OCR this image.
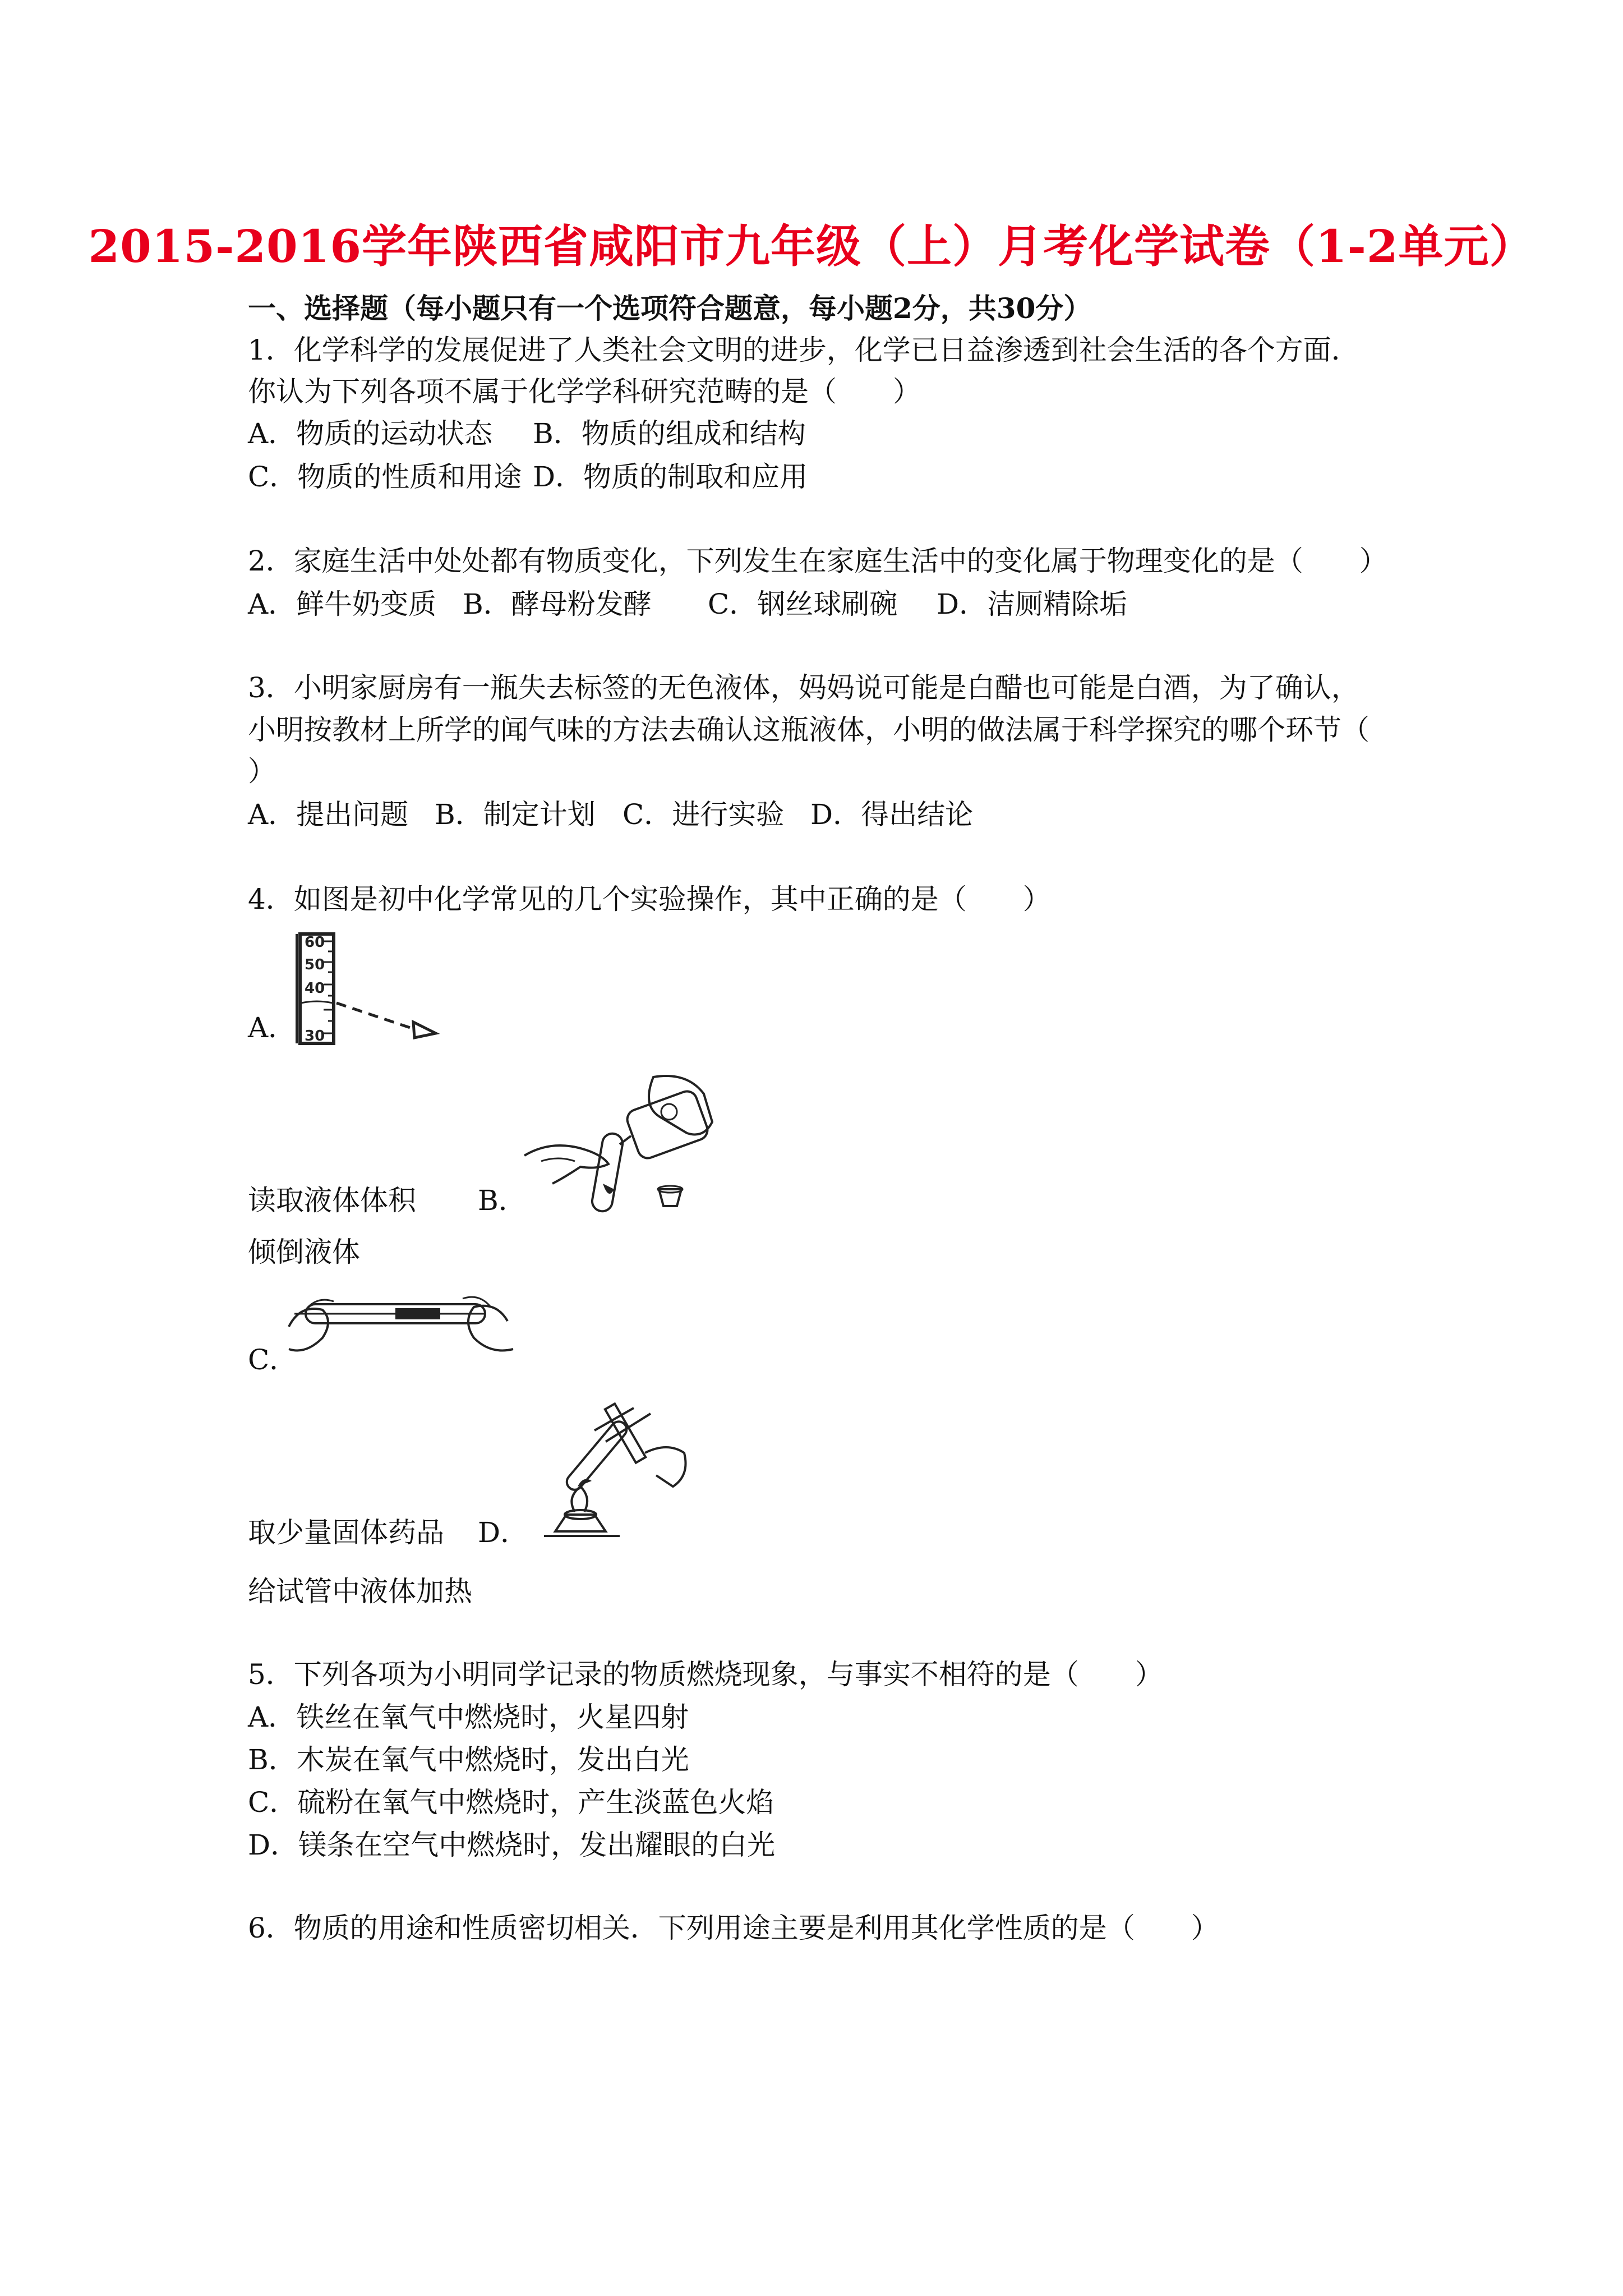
2015-2016学年陕西省咸阳市九年级（上）月考化学试卷（1-2单元）
一、选择题（每小题只有一个选项符合题意，每小题2分，共30分）
1．化学科学的发展促进了人类社会文明的进步，化学已日益渗透到社会生活的各个方面．
你认为下列各项不属于化学学科研究范畴的是（　　）
A．物质的运动状态 B．物质的组成和结构
C．物质的性质和用途 D．物质的制取和应用
2．家庭生活中处处都有物质变化，下列发生在家庭生活中的变化属于物理变化的是（　　）
A．鲜牛奶变质 B．酵母粉发酵 C．钢丝球刷碗 D．洁厕精除垢
3．小明家厨房有一瓶失去标签的无色液体，妈妈说可能是白醋也可能是白酒，为了确认，
小明按教材上所学的闻气味的方法去确认这瓶液体，小明的做法属于科学探究的哪个环节（
）
A．提出问题 B．制定计划 C．进行实验 D．得出结论
4．如图是初中化学常见的几个实验操作，其中正确的是（　　）
60
50
40
30
A．
读取液体体积 B．
倾倒液体
C．
取少量固体药品 D．
给试管中液体加热
5．下列各项为小明同学记录的物质燃烧现象，与事实不相符的是（　　）
A．铁丝在氧气中燃烧时，火星四射
B．木炭在氧气中燃烧时，发出白光
C．硫粉在氧气中燃烧时，产生淡蓝色火焰
D．镁条在空气中燃烧时，发出耀眼的白光
6．物质的用途和性质密切相关．下列用途主要是利用其化学性质的是（　　）
